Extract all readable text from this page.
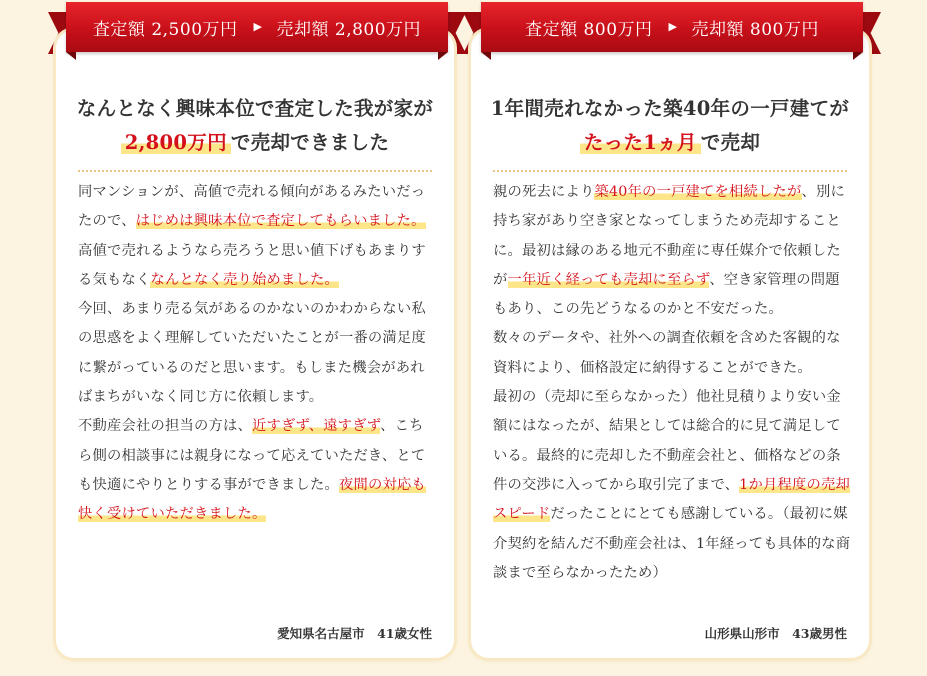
なんとなく興味本位で査定した我が家が
2,800万円 で売却できました
同マンションが、高値で売れる傾向があるみたいだったので、はじめは興味本位で査定してもらいました。高値で売れるようなら売ろうと思い値下げもあまりする気もなくなんとなく売り始めました。
今回、あまり売る気があるのかないのかわからない私の思惑をよく理解していただいたことが一番の満足度に繋がっているのだと思います。もしまた機会があればまちがいなく同じ方に依頼します。
不動産会社の担当の方は、近すぎず、遠すぎず、こちら側の相談事には親身になって応えていただき、とても快適にやりとりする事ができました。夜間の対応も快く受けていただきました。
愛知県名古屋市　41歳女性
1年間売れなかった築40年の一戸建てが
たった1ヵ月 で売却
親の死去により築40年の一戸建てを相続したが、別に持ち家があり空き家となってしまうため売却することに。最初は縁のある地元不動産に専任媒介で依頼したが一年近く経っても売却に至らず、空き家管理の問題もあり、この先どうなるのかと不安だった。
数々のデータや、社外への調査依頼を含めた客観的な資料により、価格設定に納得することができた。
最初の（売却に至らなかった）他社見積りより安い金額にはなったが、結果としては総合的に見て満足している。最終的に売却した不動産会社と、価格などの条件の交渉に入ってから取引完了まで、1か月程度の売却スピードだったことにとても感謝している。（最初に媒介契約を結んだ不動産会社は、1年経っても具体的な商談まで至らなかったため）
山形県山形市　43歳男性
査定額 2,500万円 ▶ 売却額 2,800万円	査定額 800万円 ▶ 売却額 800万円
